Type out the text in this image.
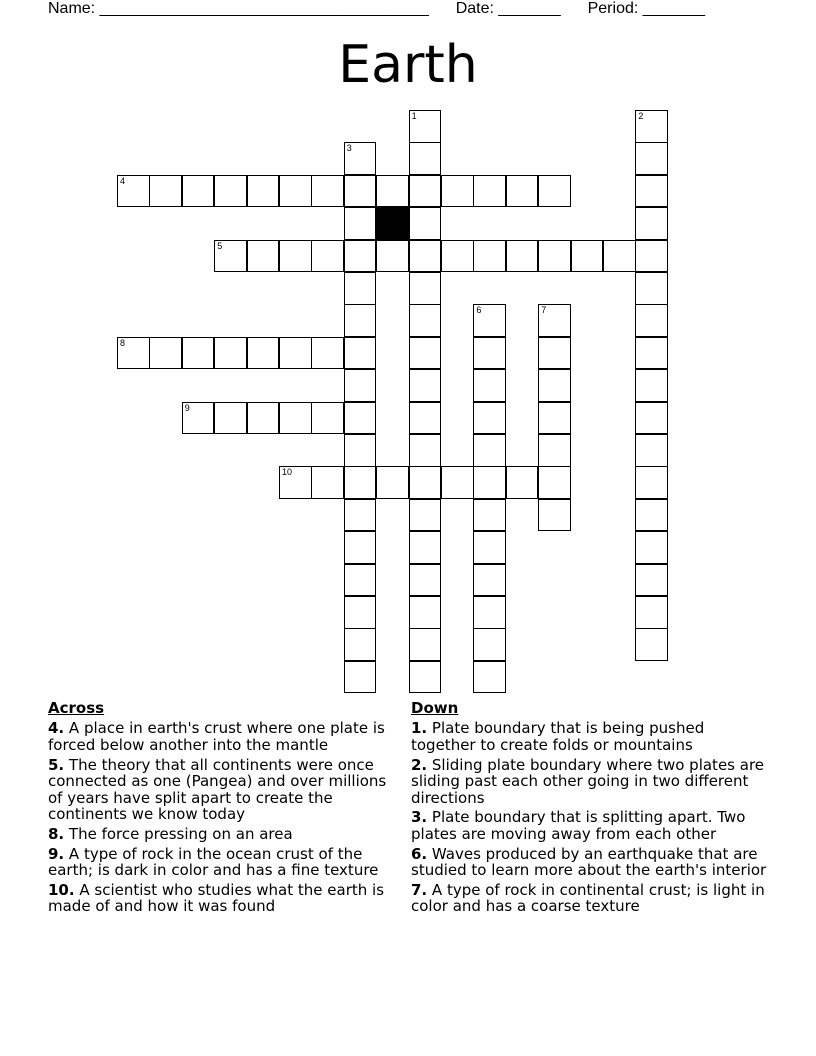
Name: _____________________________________ Date: _______ Period: _______
Earth
1	2
3
4
5
6	7
8
9
10
Across
4. A place in earth's crust where one plate is forced below another into the mantle
5. The theory that all continents were once connected as one (Pangea) and over millions of years have split apart to create the continents we know today
8. The force pressing on an area
9. A type of rock in the ocean crust of the earth; is dark in color and has a fine texture
10. A scientist who studies what the earth is made of and how it was found
Down
1. Plate boundary that is being pushed together to create folds or mountains
2. Sliding plate boundary where two plates are sliding past each other going in two different directions
3. Plate boundary that is splitting apart. Two plates are moving away from each other
6. Waves produced by an earthquake that are studied to learn more about the earth's interior
7. A type of rock in continental crust; is light in color and has a coarse texture
